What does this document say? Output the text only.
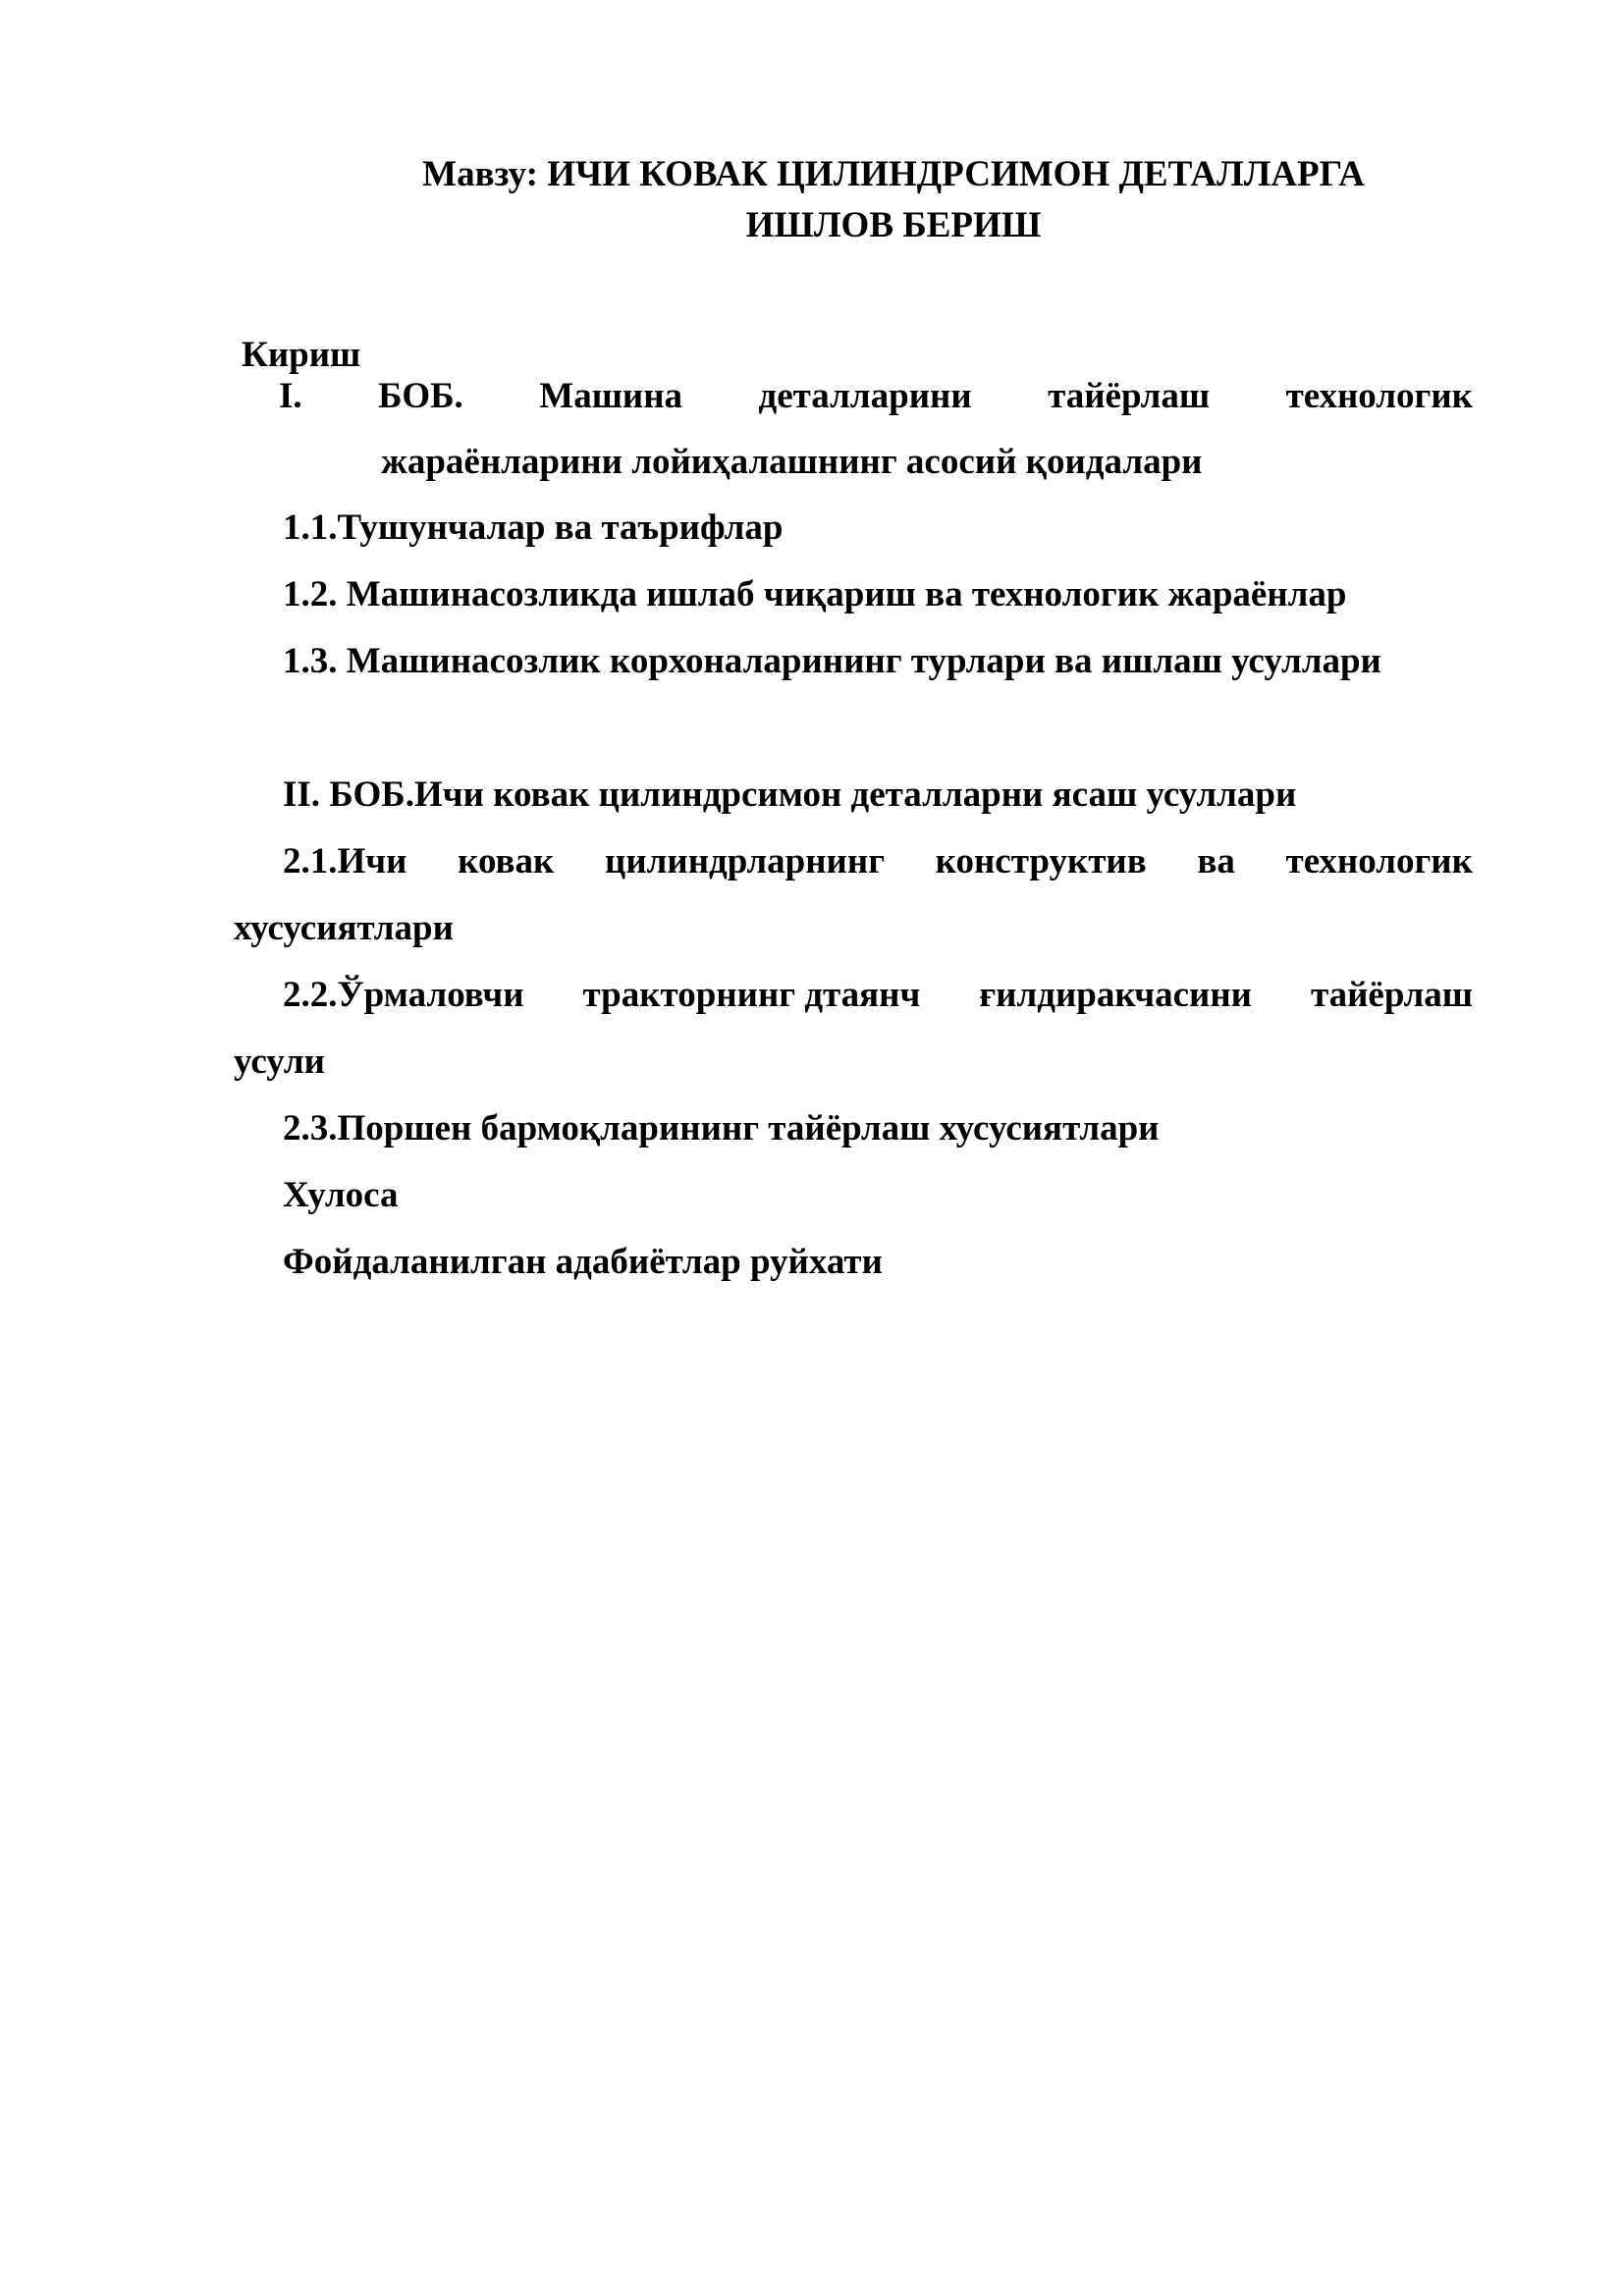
Мавзу: ИЧИ КОВАК ЦИЛИНДРСИМОН ДЕТАЛЛАРГА
ИШЛОВ БЕРИШ
Кириш
I. БОБ. Машина деталларини тайёрлаш технологик
жараёнларини лойиҳалашнинг асосий қоидалари
1.1.Тушунчалар ва таърифлар
1.2. Машинасозликда ишлаб чиқариш ва технологик жараёнлар
1.3. Машинасозлик корхоналарининг турлари ва ишлаш усуллари
II. БОБ.Ичи ковак цилиндрсимон деталларни ясаш усуллари
2.1.Ичи ковак цилиндрларнинг конструктив ва технологик
хусусиятлари
2.2.Ўрмаловчи тракторнинг дтаянч ғилдиракчасини тайёрлаш
усули
2.3.Поршен бармоқларининг тайёрлаш хусусиятлари
Хулоса
Фойдаланилган адабиётлар руйхати
